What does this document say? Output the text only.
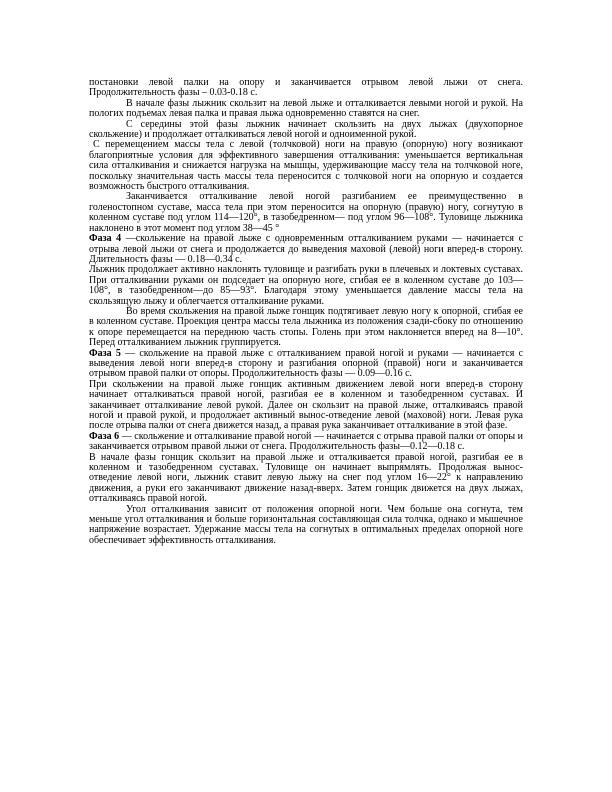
постановки левой палки на опору и заканчивается отрывом левой лыжи от снега. Продолжительность фазы – 0.03-0.18 с.

В начале фазы лыжник скользит на левой лыже и отталкивается левыми ногой и рукой. На пологих подъемах левая палка и правая лыжа одновременно ставятся на снег.

С середины этой фазы лыжник начинает скользить на двух лыжах (двухопорное скольжение) и продолжает отталкиваться левой ногой и одноименной рукой.

С перемещением массы тела с левой (толчковой) ноги на правую (опорную) ногу возникают благоприятные условия для эффективного завершения отталкивания: уменьшается вертикальная сила отталкивания и снижается нагрузка на мышцы, удерживающие массу тела на толчковой ноге, поскольку значительная часть массы тела переносится с толчковой ноги на опорную и создается возможность быстрого отталкивания.

Заканчивается отталкивание левой ногой разгибанием ее преимущественно в голеностопном суставе, масса тела при этом переносится на опорную (правую) ногу, согнутую в коленном суставе под углом 114—120°, в тазобедренном— под углом 96—108°. Туловище лыжника наклонено в этот момент под углом 38—45 °

Фаза 4 —скольжение на правой лыже с одновременным отталкиванием руками — начинается с отрыва левой лыжи от снега и продолжается до выведения маховой (левой) ноги вперед-в сторону. Длительность фазы — 0.18—0.34 с.

Лыжник продолжает активно наклонять туловище и разгибать руки в плечевых и локтевых суставах. При отталкивании руками он подседает на опорную ноге, сгибая ее в коленном суставе до 103—108°, в тазобедренном—до 85—93°. Благодаря этому уменьшается давление массы тела на скользящую лыжу и облегчается отталкивание руками.

Во время скольжения на правой лыже гонщик подтягивает левую ногу к опорной, сгибая ее в коленном суставе. Проекция центра массы тела лыжника из положения сзади-сбоку по отношению к опоре перемещается на переднюю часть стопы. Голень при этом наклоняется вперед на 8—10°. Перед отталкиванием лыжник группируется.

Фаза 5 — скольжение на правой лыже с отталкиванием правой ногой и руками — начинается с выведения левой ноги вперед-в сторону и разгибания опорной (правой) ноги и заканчивается отрывом правой палки от опоры. Продолжительность фазы — 0.09—0.16 с.

При скольжении на правой лыже гонщик активным движением левой ноги вперед-в сторону начинает отталкиваться правой ногой, разгибая ее в коленном и тазобедренном суставах. И заканчивает отталкивание левой рукой. Далее он скользит на правой лыже, отталкиваясь правой ногой и правой рукой, и продолжает активный вынос-отведение левой (маховой) ноги. Левая рука после отрыва палки от снега движется назад, а правая рука заканчивает отталкивание в этой фазе.

Фаза 6 — скольжение и отталкивание правой ногой — начинается с отрыва правой палки от опоры и заканчивается отрывом правой лыжи от снега. Продолжительность фазы—0.12—0.18 с.

В начале фазы гонщик скользит на правой лыже и отталкивается правой ногой, разгибая ее в коленном и тазобедренном суставах. Туловище он начинает выпрямлять. Продолжая вынос-отведение левой ноги, лыжник ставит левую лыжу на снег под углом 16—22° к направлению движения, а руки его заканчивают движение назад-вверх. Затем гонщик движется на двух лыжах, отталкиваясь правой ногой.

Угол отталкивания зависит от положения опорной ноги. Чем больше она согнута, тем меньше угол отталкивания и больше горизонтальная составляющая сила толчка, однако и мышечное напряжение возрастает. Удержание массы тела на согнутых в оптимальных пределах опорной ноге обеспечивает эффективность отталкивания.
